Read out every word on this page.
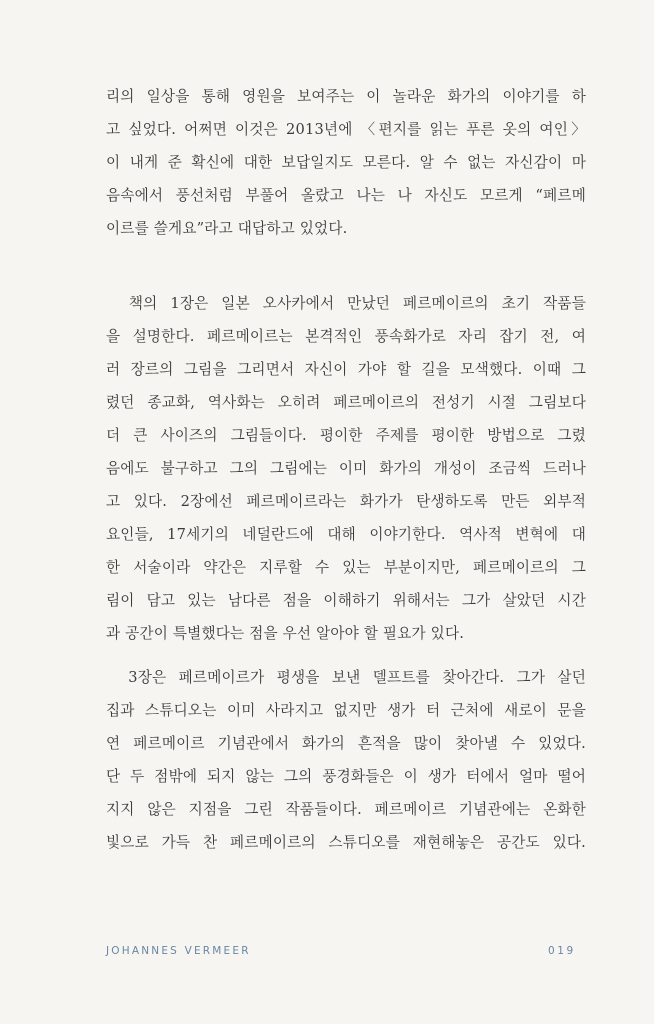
리의 일상을 통해 영원을 보여주는 이 놀라운 화가의 이야기를 하
고 싶었다. 어쩌면 이것은 2013년에 〈편지를 읽는 푸른 옷의 여인〉
이 내게 준 확신에 대한 보답일지도 모른다. 알 수 없는 자신감이 마
음속에서 풍선처럼 부풀어 올랐고 나는 나 자신도 모르게 “페르메
이르를 쓸게요”라고 대답하고 있었다.
　책의 1장은 일본 오사카에서 만났던 페르메이르의 초기 작품들
을 설명한다. 페르메이르는 본격적인 풍속화가로 자리 잡기 전, 여
러 장르의 그림을 그리면서 자신이 가야 할 길을 모색했다. 이때 그
렸던 종교화, 역사화는 오히려 페르메이르의 전성기 시절 그림보다
더 큰 사이즈의 그림들이다. 평이한 주제를 평이한 방법으로 그렸
음에도 불구하고 그의 그림에는 이미 화가의 개성이 조금씩 드러나
고 있다. 2장에선 페르메이르라는 화가가 탄생하도록 만든 외부적
요인들, 17세기의 네덜란드에 대해 이야기한다. 역사적 변혁에 대
한 서술이라 약간은 지루할 수 있는 부분이지만, 페르메이르의 그
림이 담고 있는 남다른 점을 이해하기 위해서는 그가 살았던 시간
과 공간이 특별했다는 점을 우선 알아야 할 필요가 있다.
　3장은 페르메이르가 평생을 보낸 델프트를 찾아간다. 그가 살던
집과 스튜디오는 이미 사라지고 없지만 생가 터 근처에 새로이 문을
연 페르메이르 기념관에서 화가의 흔적을 많이 찾아낼 수 있었다.
단 두 점밖에 되지 않는 그의 풍경화들은 이 생가 터에서 얼마 떨어
지지 않은 지점을 그린 작품들이다. 페르메이르 기념관에는 온화한
빛으로 가득 찬 페르메이르의 스튜디오를 재현해놓은 공간도 있다.
JOHANNES VERMEER	019
